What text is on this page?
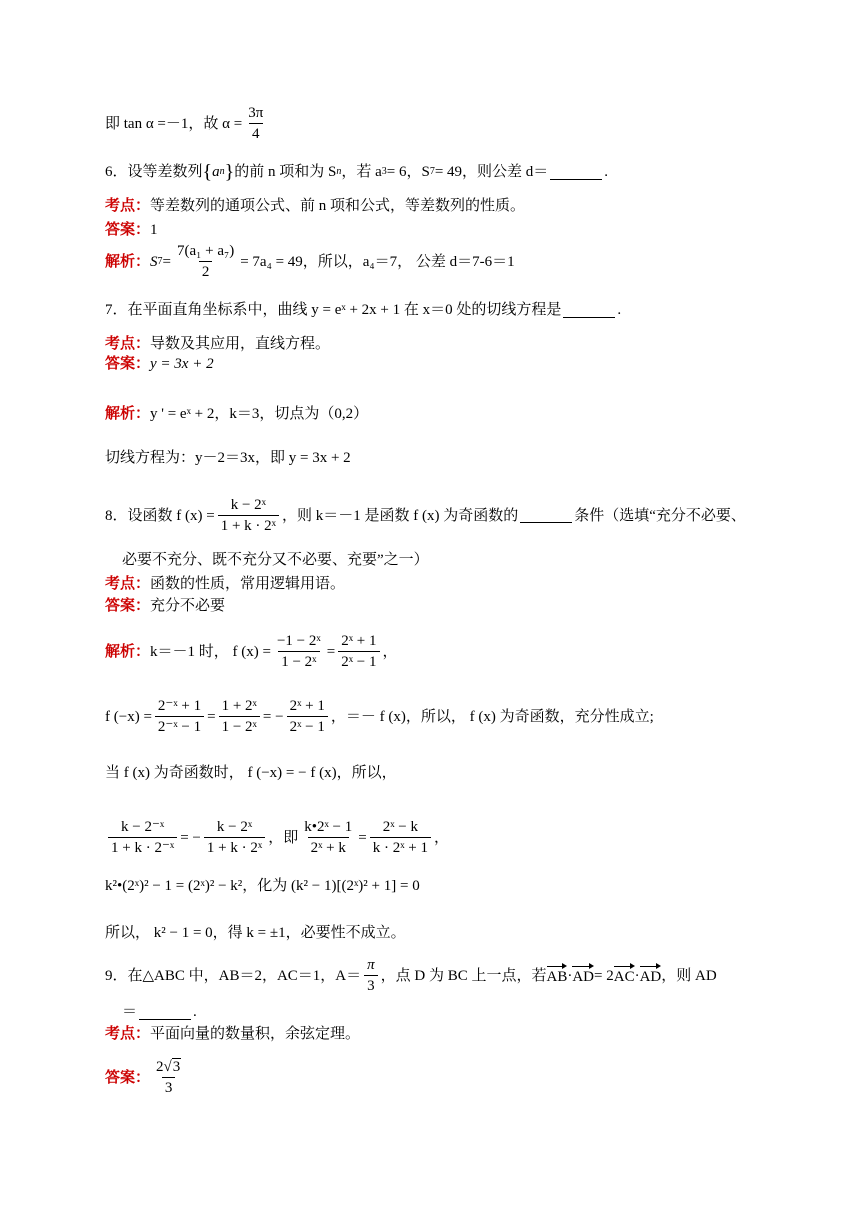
即 tan α =－1，故 $\alpha = \frac{3\pi}{4}$
6．设等差数列 { a n } 的前 n 项和为 S n ，若 a 3 = 6，S 7 = 49，则公差 d＝	.
考点： 等差数列的通项公式、前 n 项和公式，等差数列的性质。
答案： 1
解析： S $7 = \frac{\text{7(a₁ + a₇)}}{2} = 7a_4 = 49$，所以，a₄＝7， 公差 d＝7-6＝1
7．在平面直角坐标系中，曲线 y = eˣ + 2x + 1 在 x＝0 处的切线方程是	.
考点： 导数及其应用，直线方程。
答案： y = 3x + 2
解析： y ' = eˣ + 2，k＝3，切点为（0,2）
切线方程为：y－2＝3x，即 y = 3x + 2
8．设函数 f $(x) = \frac{\text{k − 2ˣ}}{\text{1 + k · 2ˣ}}$ ，则 k＝－1 是函数 f (x) 为奇函数的	条件（选填“充分不必要、
必要不充分、既不充分又不必要、充要”之一）
考点： 函数的性质，常用逻辑用语。
答案： 充分不必要
解析： k＝－1 时， f $(x) = \frac{\text{−1 − 2ˣ}}{\text{1 − 2ˣ}} = \frac{\text{2ˣ + 1}}{\text{2ˣ − 1}}$ ，
f $(-x) = \frac{\text{2⁻ˣ + 1}}{\text{2⁻ˣ − 1}} = \frac{\text{1 + 2ˣ}}{\text{1 − 2ˣ}}$ = − $\frac{\text{2ˣ + 1}}{\text{2ˣ − 1}}$ ，＝－ f (x)，所以， f (x) 为奇函数，充分性成立;
当 f (x) 为奇函数时， f (−x) = − f (x)，所以，
$\frac{\text{k − 2⁻ˣ}}{\text{1 + k · 2⁻ˣ}}$ = − $\frac{\text{k − 2ˣ}}{\text{1 + k · 2ˣ}}$ ，即 $\frac{\text{k•2ˣ − 1}}{\text{2ˣ + k}} = \frac{\text{2ˣ − k}}{\text{k · 2ˣ + 1}}$ ，
k²•(2ˣ)² − 1 = (2ˣ)² − k²，化为 (k² − 1)[(2ˣ)² + 1] = 0
所以， k² − 1 = 0，得 k = ±1，必要性不成立。
9．在△ABC 中，AB＝2，AC＝1，$A= \frac{\pi}{3}$ ，点 D 为 BC 上一点，若 AB · AD = 2 AC · AD ，则 AD
＝	.
考点： 平面向量的数量积，余弦定理。
答案： $\frac{2√3}{3}$
